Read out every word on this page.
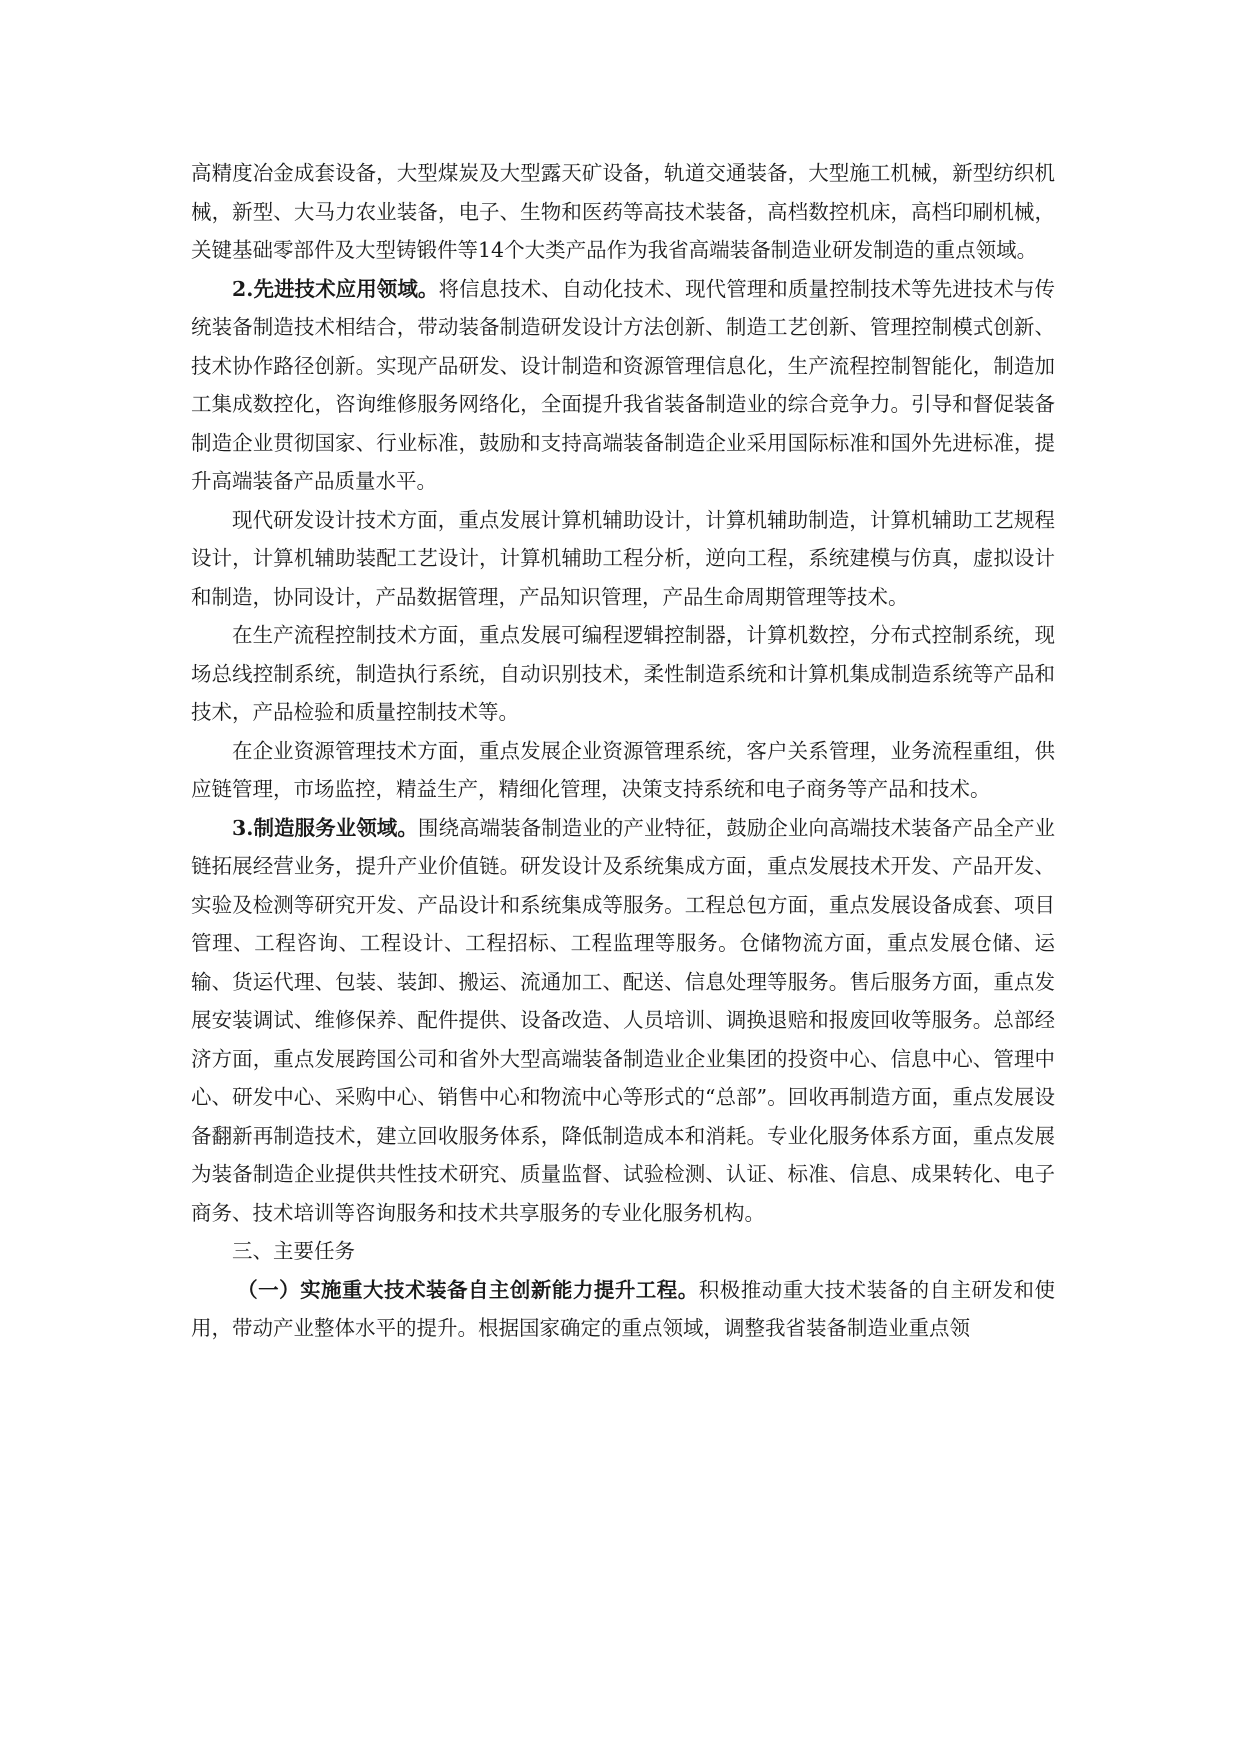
高精度冶金成套设备，大型煤炭及大型露天矿设备，轨道交通装备，大型施工机械，新型纺织机械，新型、大马力农业装备，电子、生物和医药等高技术装备，高档数控机床，高档印刷机械，关键基础零部件及大型铸锻件等14个大类产品作为我省高端装备制造业研发制造的重点领域。

2.先进技术应用领域。将信息技术、自动化技术、现代管理和质量控制技术等先进技术与传统装备制造技术相结合，带动装备制造研发设计方法创新、制造工艺创新、管理控制模式创新、技术协作路径创新。实现产品研发、设计制造和资源管理信息化，生产流程控制智能化，制造加工集成数控化，咨询维修服务网络化，全面提升我省装备制造业的综合竞争力。引导和督促装备制造企业贯彻国家、行业标准，鼓励和支持高端装备制造企业采用国际标准和国外先进标准，提升高端装备产品质量水平。

现代研发设计技术方面，重点发展计算机辅助设计，计算机辅助制造，计算机辅助工艺规程设计，计算机辅助装配工艺设计，计算机辅助工程分析，逆向工程，系统建模与仿真，虚拟设计和制造，协同设计，产品数据管理，产品知识管理，产品生命周期管理等技术。

在生产流程控制技术方面，重点发展可编程逻辑控制器，计算机数控，分布式控制系统，现场总线控制系统，制造执行系统，自动识别技术，柔性制造系统和计算机集成制造系统等产品和技术，产品检验和质量控制技术等。

在企业资源管理技术方面，重点发展企业资源管理系统，客户关系管理，业务流程重组，供应链管理，市场监控，精益生产，精细化管理，决策支持系统和电子商务等产品和技术。

3.制造服务业领域。围绕高端装备制造业的产业特征，鼓励企业向高端技术装备产品全产业链拓展经营业务，提升产业价值链。研发设计及系统集成方面，重点发展技术开发、产品开发、实验及检测等研究开发、产品设计和系统集成等服务。工程总包方面，重点发展设备成套、项目管理、工程咨询、工程设计、工程招标、工程监理等服务。仓储物流方面，重点发展仓储、运输、货运代理、包装、装卸、搬运、流通加工、配送、信息处理等服务。售后服务方面，重点发展安装调试、维修保养、配件提供、设备改造、人员培训、调换退赔和报废回收等服务。总部经济方面，重点发展跨国公司和省外大型高端装备制造业企业集团的投资中心、信息中心、管理中心、研发中心、采购中心、销售中心和物流中心等形式的“总部”。回收再制造方面，重点发展设备翻新再制造技术，建立回收服务体系，降低制造成本和消耗。专业化服务体系方面，重点发展为装备制造企业提供共性技术研究、质量监督、试验检测、认证、标准、信息、成果转化、电子商务、技术培训等咨询服务和技术共享服务的专业化服务机构。

三、主要任务

（一）实施重大技术装备自主创新能力提升工程。积极推动重大技术装备的自主研发和使用，带动产业整体水平的提升。根据国家确定的重点领域，调整我省装备制造业重点领
